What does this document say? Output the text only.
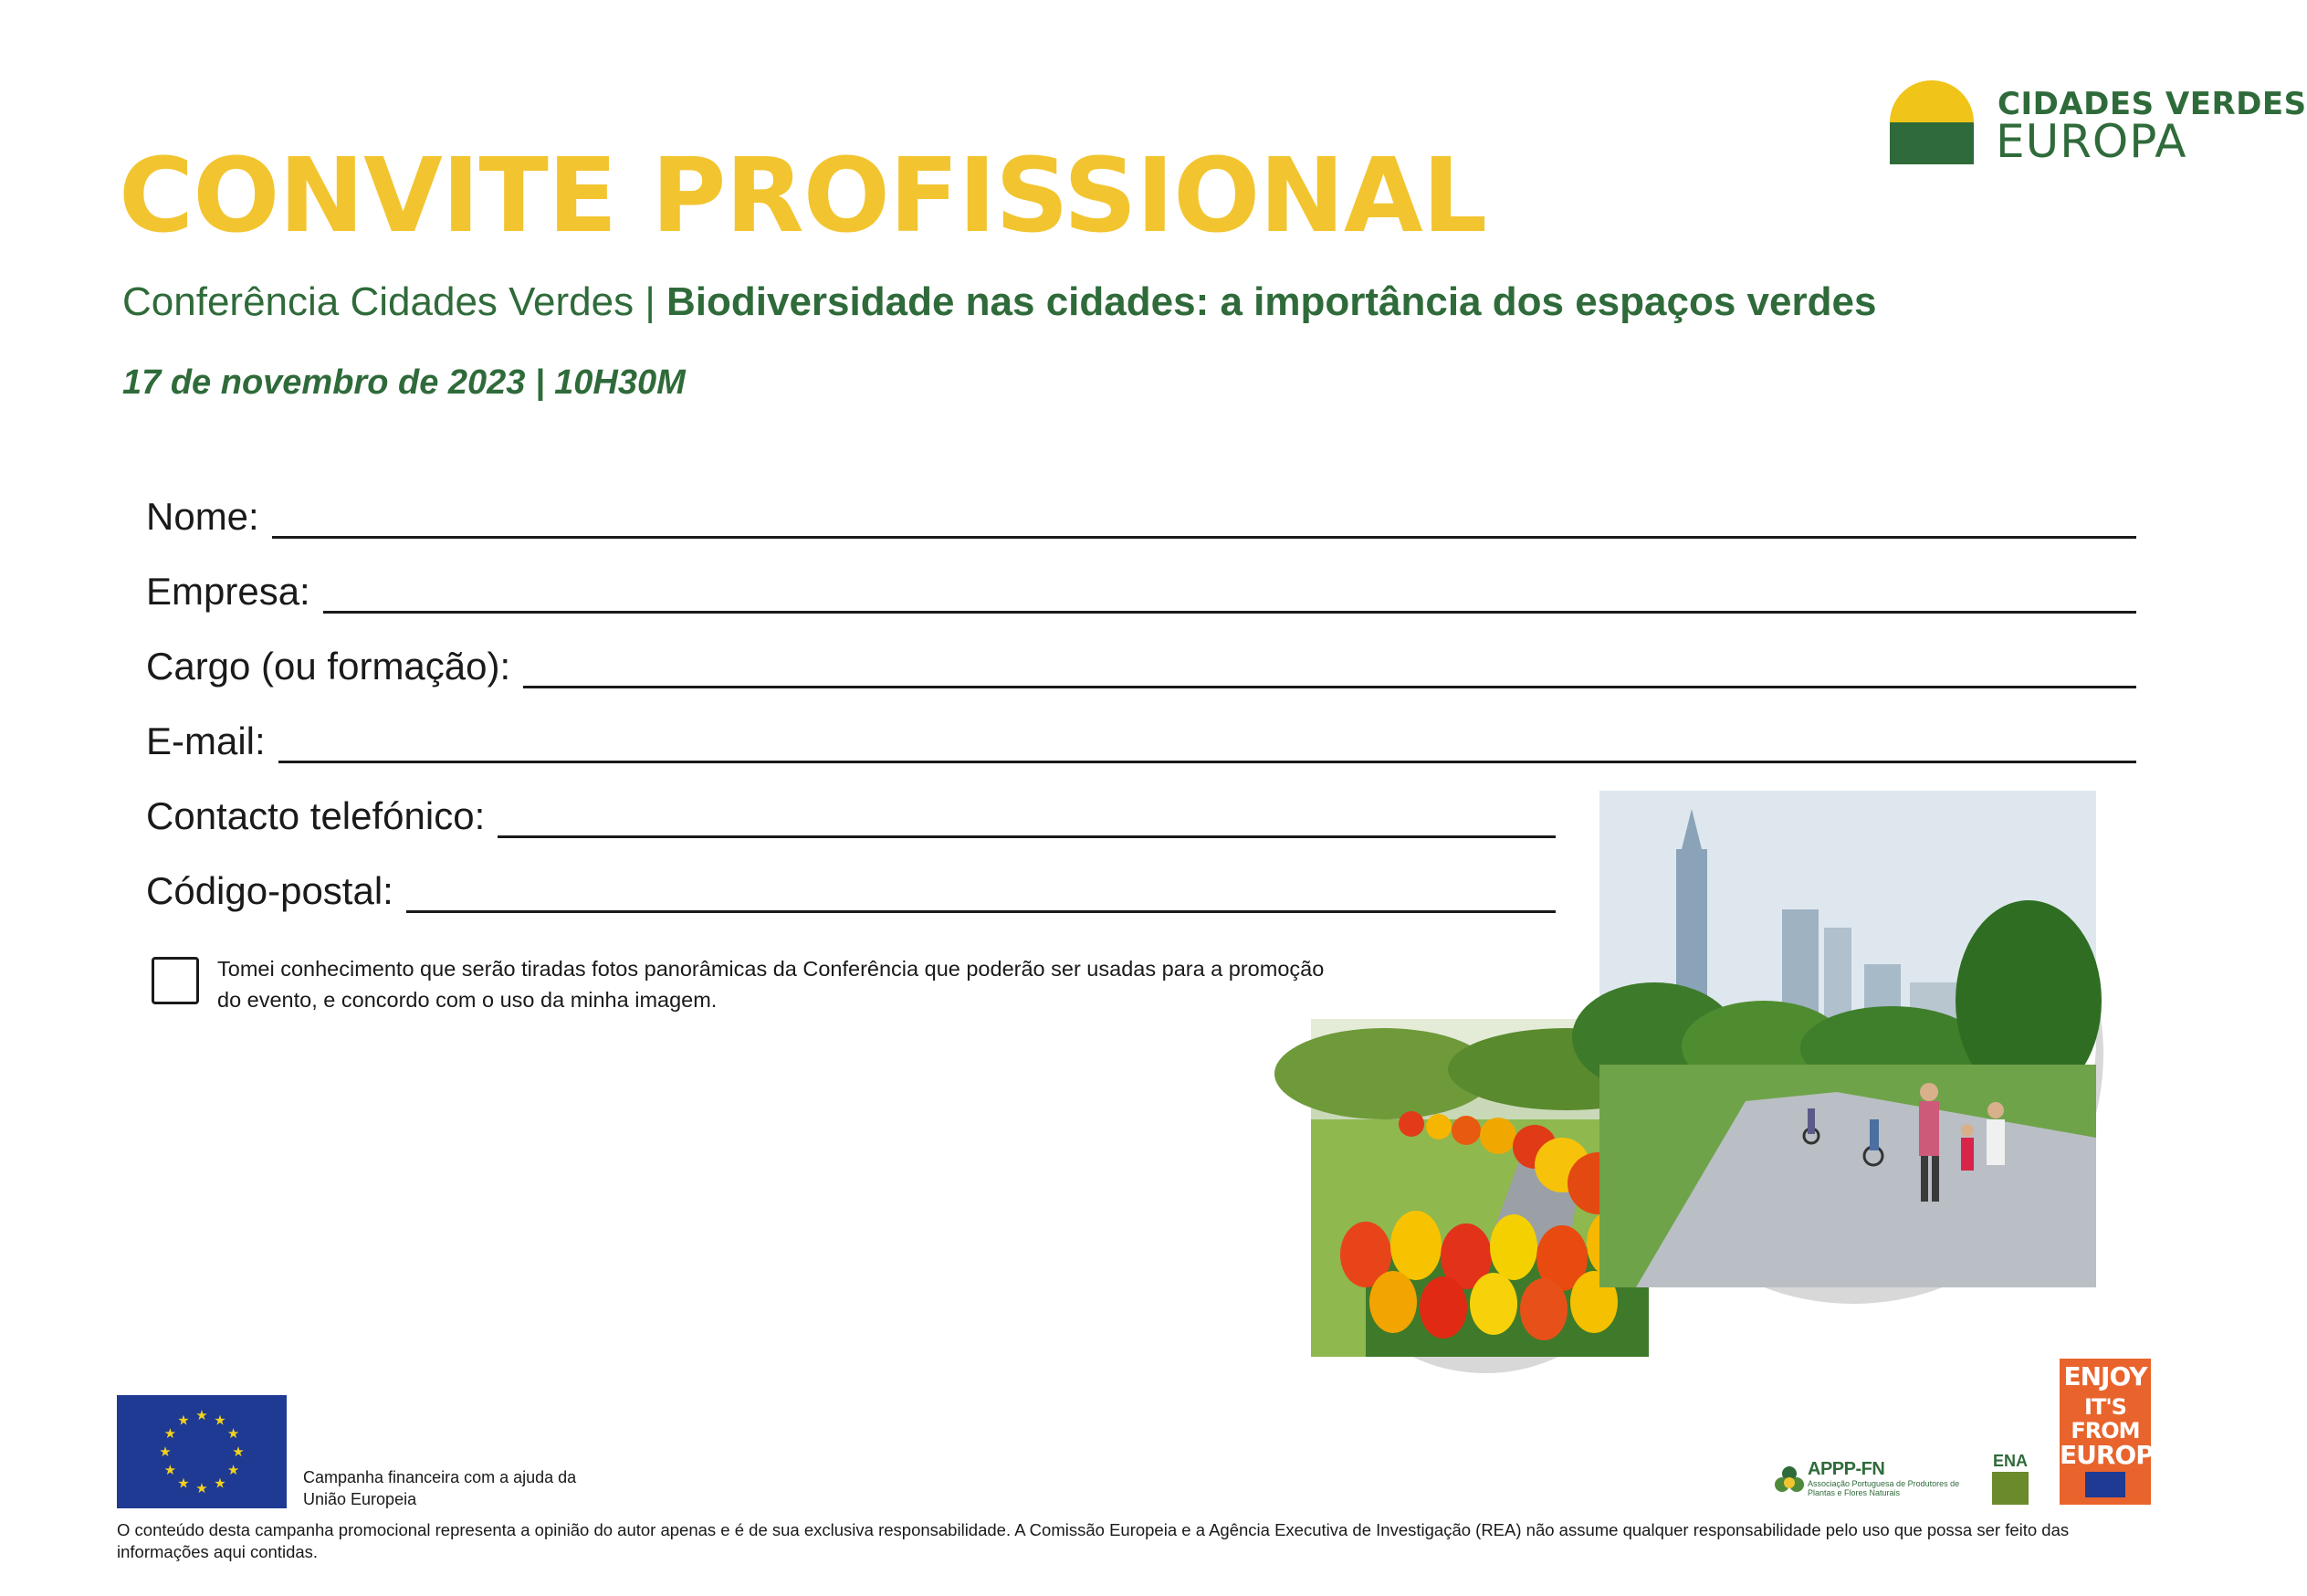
CIDADES VERDES
EUROPA
CONVITE PROFISSIONAL
Conferência Cidades Verdes | Biodiversidade nas cidades: a importância dos espaços verdes
17 de novembro de 2023 | 10H30M
Nome:
Empresa:
Cargo (ou formação):
E-mail:
Contacto telefónico:
Código-postal:
Tomei conhecimento que serão tiradas fotos panorâmicas da Conferência que poderão ser usadas para a promoção do evento, e concordo com o uso da minha imagem.
★ ★
★
★
★
★
★
★
★
★
★
★
Campanha financeira com a ajuda da União Europeia
APPP-FN
Associação Portuguesa de Produtores de Plantas e Flores Naturais
ENA
ENJOY
IT'S FROM
EUROPE
O conteúdo desta campanha promocional representa a opinião do autor apenas e é de sua exclusiva responsabilidade. A Comissão Europeia e a Agência Executiva de Investigação (REA) não assume qualquer responsabilidade pelo uso que possa ser feito das informações aqui contidas.
